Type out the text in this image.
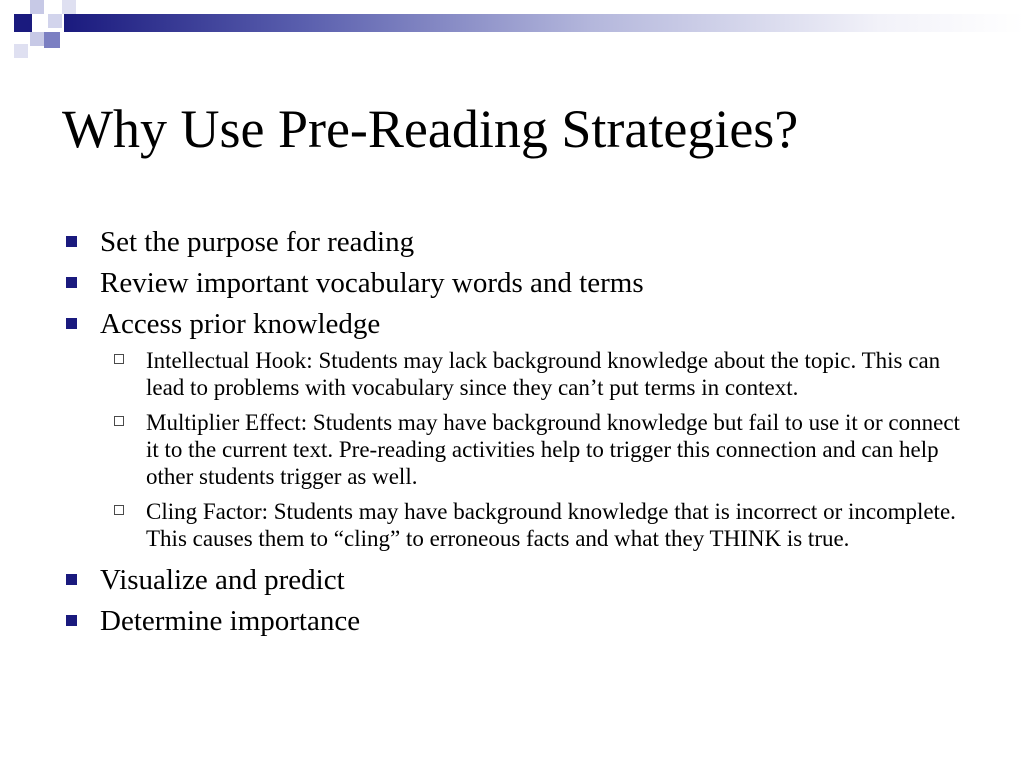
Why Use Pre-Reading Strategies?
Set the purpose for reading
Review important vocabulary words and terms
Access prior knowledge
Intellectual Hook: Students may lack background knowledge about the topic. This can lead to problems with vocabulary since they can’t put terms in context.
Multiplier Effect: Students may have background knowledge but fail to use it or connect it to the current text. Pre-reading activities help to trigger this connection and can help other students trigger as well.
Cling Factor: Students may have background knowledge that is incorrect or incomplete. This causes them to “cling” to erroneous facts and what they THINK is true.
Visualize and predict
Determine importance
